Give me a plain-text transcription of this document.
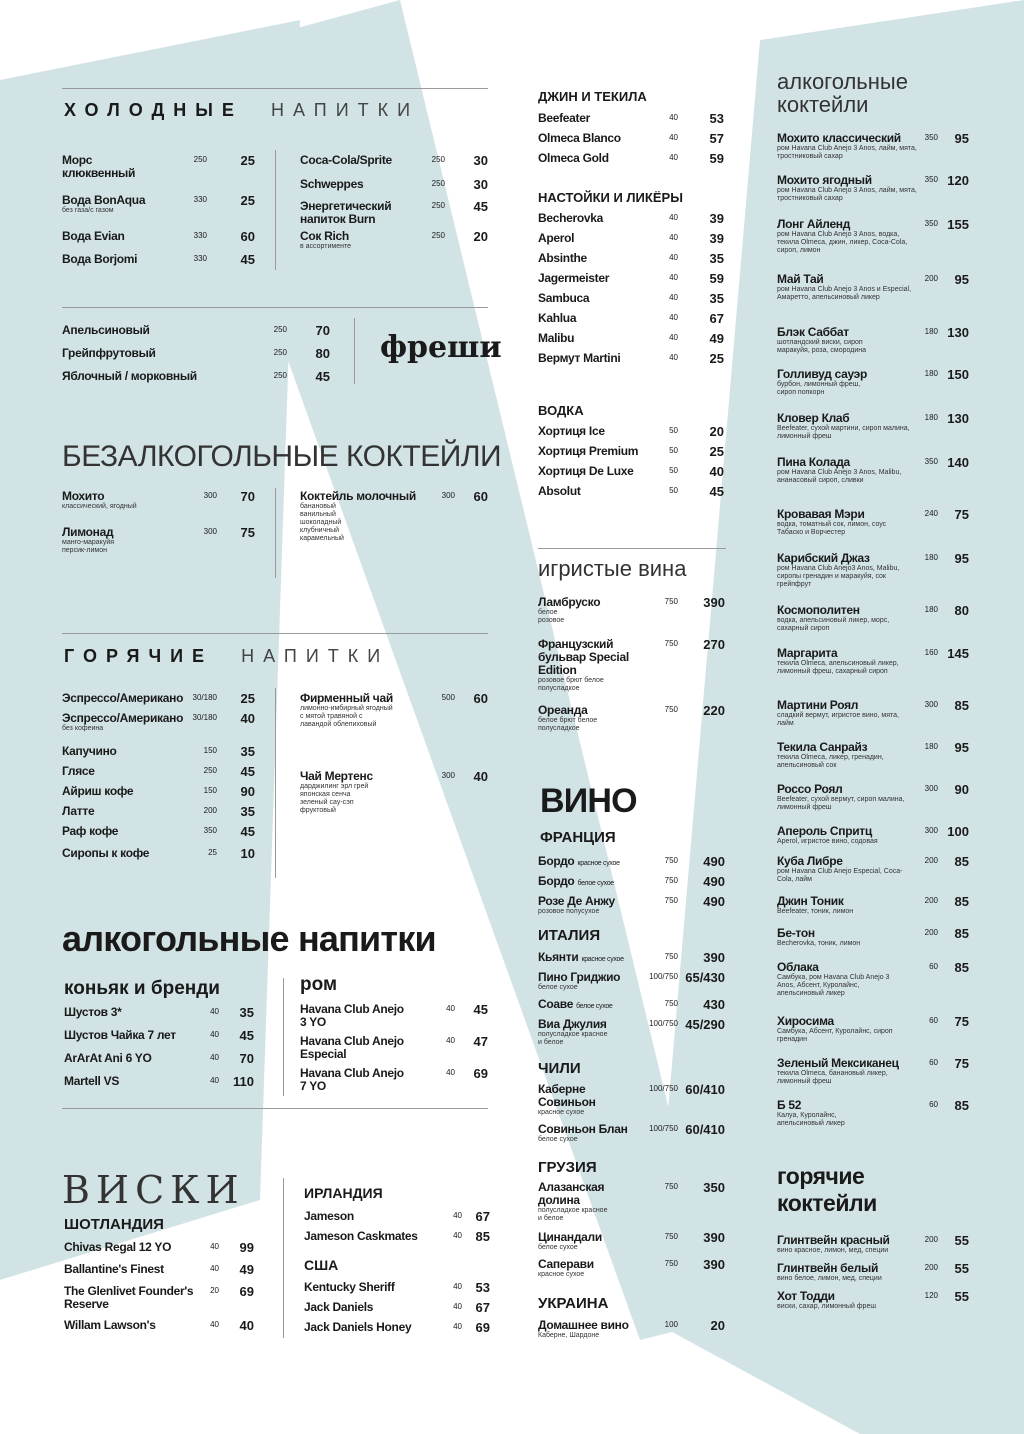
ХОЛОДНЫЕ НАПИТКИ
Морс клюквенный
250	25
Вода BonAqua
без газа/с газом
330	25
Вода Evian	330	60
Вода Borjomi	330	45
Coca-Cola/Sprite	250	30
Schweppes	250	30
Энергетический напиток Burn
250	45
Сок Rich
в ассортименте
250	20
Апельсиновый	250	70
Грейпфрутовый	250	80
Яблочный / морковный	250	45
фреши
БЕЗАЛКОГОЛЬНЫЕ КОКТЕЙЛИ
Мохито
классический, ягодный
300	70
Лимонад
манго-маракуйя персик-лимон
300	75
Коктейль молочный
банановый ванильный шоколадный клубничный карамельный
300	60
ГОРЯЧИЕ НАПИТКИ
Эспрессо/Американо	30/180	25
Эспрессо/Американо
без кофеина
30/180	40
Капучино	150	35
Глясе	250	45
Айриш кофе	150	90
Латте	200	35
Раф кофе	350	45
Сиропы к кофе	25	10
Фирменный чай
лимонно-имбирный ягодный с мятой травяной с лавандой облепиховый
500	60
Чай Мертенс
дарджилинг эрл грей японская сенча зеленый сау-сэп фруктовый
300	40
алкогольные напитки
коньяк и бренди
Шустов 3*	40	35
Шустов Чайка 7 лет	40	45
ArArAt Ani 6 YO	40	70
Martell VS	40	110
ром
Havana Club Anejo 3 YO
40	45
Havana Club Anejo Especial
40	47
Havana Club Anejo 7 YO
40	69
ВИСКИ
ШОТЛАНДИЯ
Chivas Regal 12 YO	40	99
Ballantine's Finest	40	49
The Glenlivet Founder's Reserve
20	69
Willam Lawson's	40	40
ИРЛАНДИЯ
Jameson	40	67
Jameson Caskmates	40	85
США
Kentucky Sheriff	40	53
Jack Daniels	40	67
Jack Daniels Honey	40	69
ДЖИН И ТЕКИЛА
Beefeater	40	53
Olmeca Blanco	40	57
Olmeca Gold	40	59
НАСТОЙКИ И ЛИКЁРЫ
Becherovka	40	39
Aperol	40	39
Absinthe	40	35
Jagermeister	40	59
Sambuca	40	35
Kahlua	40	67
Malibu	40	49
Вермут Martini	40	25
ВОДКА
Хортиця Ice	50	20
Хортиця Premium	50	25
Хортиця De Luxe	50	40
Absolut	50	45
игристые вина
Ламбруско
белое розовое
750	390
Французский бульвар Special Edition
розовое брют белое полусладкое
750	270
Ореанда
белое брют белое полусладкое
750	220
ВИНО
ФРАНЦИЯ
Бордо красное сухое	750	490
Бордо белое сухое	750	490
Розе Де Анжу
розовое полусухое
750	490
ИТАЛИЯ
Кьянти красное сухое	750	390
Пино Гриджио
белое сухое
100/750 65/430
Соаве белое сухое	750	430
Виа Джулия
полусладкое красное и белое
100/750 45/290
ЧИЛИ
Каберне Совиньон
красное сухое
100/750 60/410
Совиньон Блан
белое сухое
100/750 60/410
ГРУЗИЯ
Алазанская долина
полусладкое красное и белое
750	350
Цинандали
белое сухое
750	390
Саперави
красное сухое
750	390
УКРАИНА
Домашнее вино
Каберне, Шардоне
100	20
алкогольные коктейли
Мохито классический
ром Havana Club Anejo 3 Anos, лайм, мята, тростниковый сахар
350	95
Мохито ягодный
ром Havana Club Anejo 3 Anos, лайм, мята, тростниковый сахар
350 120
Лонг Айленд
ром Havana Club Anejo 3 Anos, водка, текила Olmeca, джин, ликер, Coca-Cola, сироп, лимон
350 155
Май Тай
ром Havana Club Anejo 3 Anos и Especial, Амаретто, апельсиновый ликер
200	95
Блэк Саббат
шотландский виски, сироп маракуйя, роза, смородина
180 130
Голливуд сауэр
бурбон, лимонный фреш, сироп попкорн
180 150
Кловер Клаб
Beefeater, сухой мартини, сироп малина, лимонный фреш
180 130
Пина Колада
ром Havana Club Anejo 3 Anos, Malibu, ананасовый сироп, сливки
350 140
Кровавая Мэри
водка, томатный сок, лимон, соус Табаско и Ворчестер
240	75
Карибский Джаз
ром Havana Club Anejo3 Anos, Malibu, сиропы гренадин и маракуйя, сок грейпфрут
180	95
Космополитен
водка, апельсиновый ликер, морс, сахарный сироп
180	80
Маргарита
текила Olmeca, апельсиновый ликер, лимонный фреш, сахарный сироп
160 145
Мартини Роял
сладкий вермут, игристое вино, мята, лайм
300	85
Текила Санрайз
текила Olmeca, ликер, гренадин, апельсиновый сок
180	95
Россо Роял
Beefeater, сухой вермут, сироп малина, лимонный фреш
300	90
Апероль Спритц
Aperol, игристое вино, содовая
300 100
Куба Либре
ром Havana Club Anejo Especial, Coca-Cola, лайм
200	85
Джин Тоник
Beefeater, тоник, лимон
200	85
Бе-тон
Becherovka, тоник, лимон
200	85
Облака
Самбука, ром Havana Club Anejo 3 Anos, Абсент, Куролайнс, апельсиновый ликер
60	85
Хиросима
Самбука, Абсент, Куролайнс, сироп гренадин
60	75
Зеленый Мексиканец
текила Olmeca, банановый ликер, лимонный фреш
60	75
Б 52
Калуа, Куролайнс, апельсиновый ликер
60	85
горячие коктейли
Глинтвейн красный
вино красное, лимон, мед, специи
200	55
Глинтвейн белый
вино белое, лимон, мед, специи
200	55
Хот Тодди
виски, сахар, лимонный фреш
120	55
